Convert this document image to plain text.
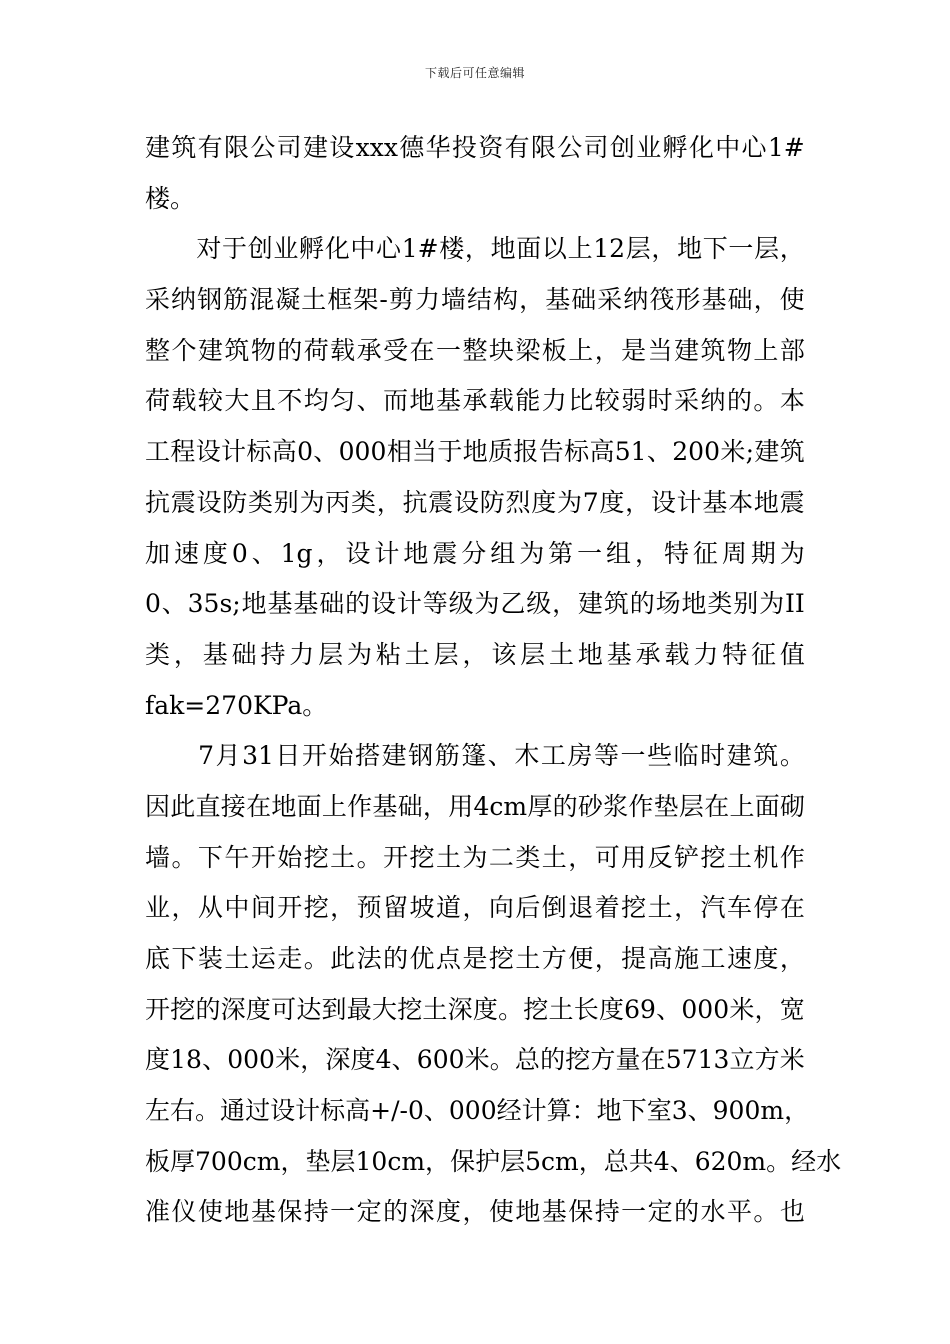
下载后可任意编辑
建 筑 有 限 公 司 建 设 xxx 德 华 投 资 有 限 公 司 创 业 孵 化 中 心 1#
楼。

对 于 创 业 孵 化 中 心 1# 楼 ， 地 面 以 上 12 层 ， 地 下 一 层 ，
采 纳 钢 筋 混 凝 土 框 架 - 剪 力 墙 结 构 ， 基 础 采 纳 筏 形 基 础 ， 使
整 个 建 筑 物 的 荷 载 承 受 在 一 整 块 梁 板 上 ， 是 当 建 筑 物 上 部
荷 载 较 大 且 不 均 匀 、 而 地 基 承 载 能 力 比 较 弱 时 采 纳 的 。 本
工 程 设 计 标 高 0 、 000 相 当 于 地 质 报 告 标 高 51 、 200 米 ; 建 筑
抗 震 设 防 类 别 为 丙 类 ， 抗 震 设 防 烈 度 为 7 度 ， 设 计 基 本 地 震
加 速 度 0 、 1g ， 设 计 地 震 分 组 为 第 一 组 ， 特 征 周 期 为
0 、 35s; 地 基 基 础 的 设 计 等 级 为 乙 级 ， 建 筑 的 场 地 类 别 为 II
类 ， 基 础 持 力 层 为 粘 土 层 ， 该 层 土 地 基 承 载 力 特 征 值
fak=270KPa。

7 月 31 日 开 始 搭 建 钢 筋 篷 、 木 工 房 等 一 些 临 时 建 筑 。
因 此 直 接 在 地 面 上 作 基 础 ， 用 4cm 厚 的 砂 浆 作 垫 层 在 上 面 砌
墙 。 下 午 开 始 挖 土 。 开 挖 土 为 二 类 土 ， 可 用 反 铲 挖 土 机 作
业 ， 从 中 间 开 挖 ， 预 留 坡 道 ， 向 后 倒 退 着 挖 土 ， 汽 车 停 在
底 下 装 土 运 走 。 此 法 的 优 点 是 挖 土 方 便 ， 提 高 施 工 速 度 ，
开 挖 的 深 度 可 达 到 最 大 挖 土 深 度 。 挖 土 长 度 69 、 000 米 ， 宽
度 18 、 000 米 ， 深 度 4 、 600 米 。 总 的 挖 方 量 在 5713 立 方 米
左 右 。 通 过 设 计 标 高 +/-0 、 000 经 计 算 ： 地 下 室 3 、 900m ，
板 厚 700cm ， 垫 层 10cm ， 保 护 层 5cm ， 总 共 4 、 620m 。 经 水
准 仪 使 地 基 保 持 一 定 的 深 度 ， 使 地 基 保 持 一 定 的 水 平 。 也
